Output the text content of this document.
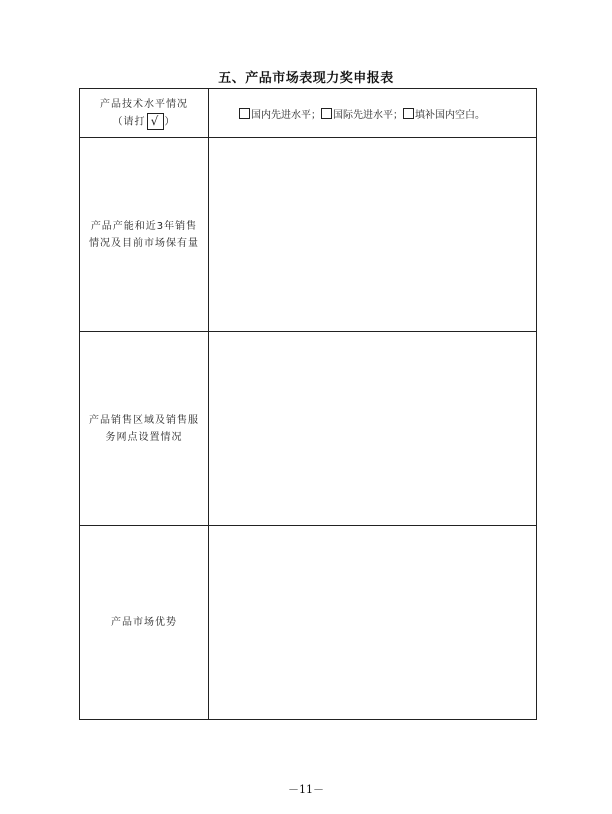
五、产品市场表现力奖申报表
产品技术水平情况
（请打 √ ）	国内先进水平； 国际先进水平； 填补国内空白。

产品产能和近3年销售
情况及目前市场保有量	

产品销售区域及销售服
务网点设置情况	

产品市场优势	

－11－
